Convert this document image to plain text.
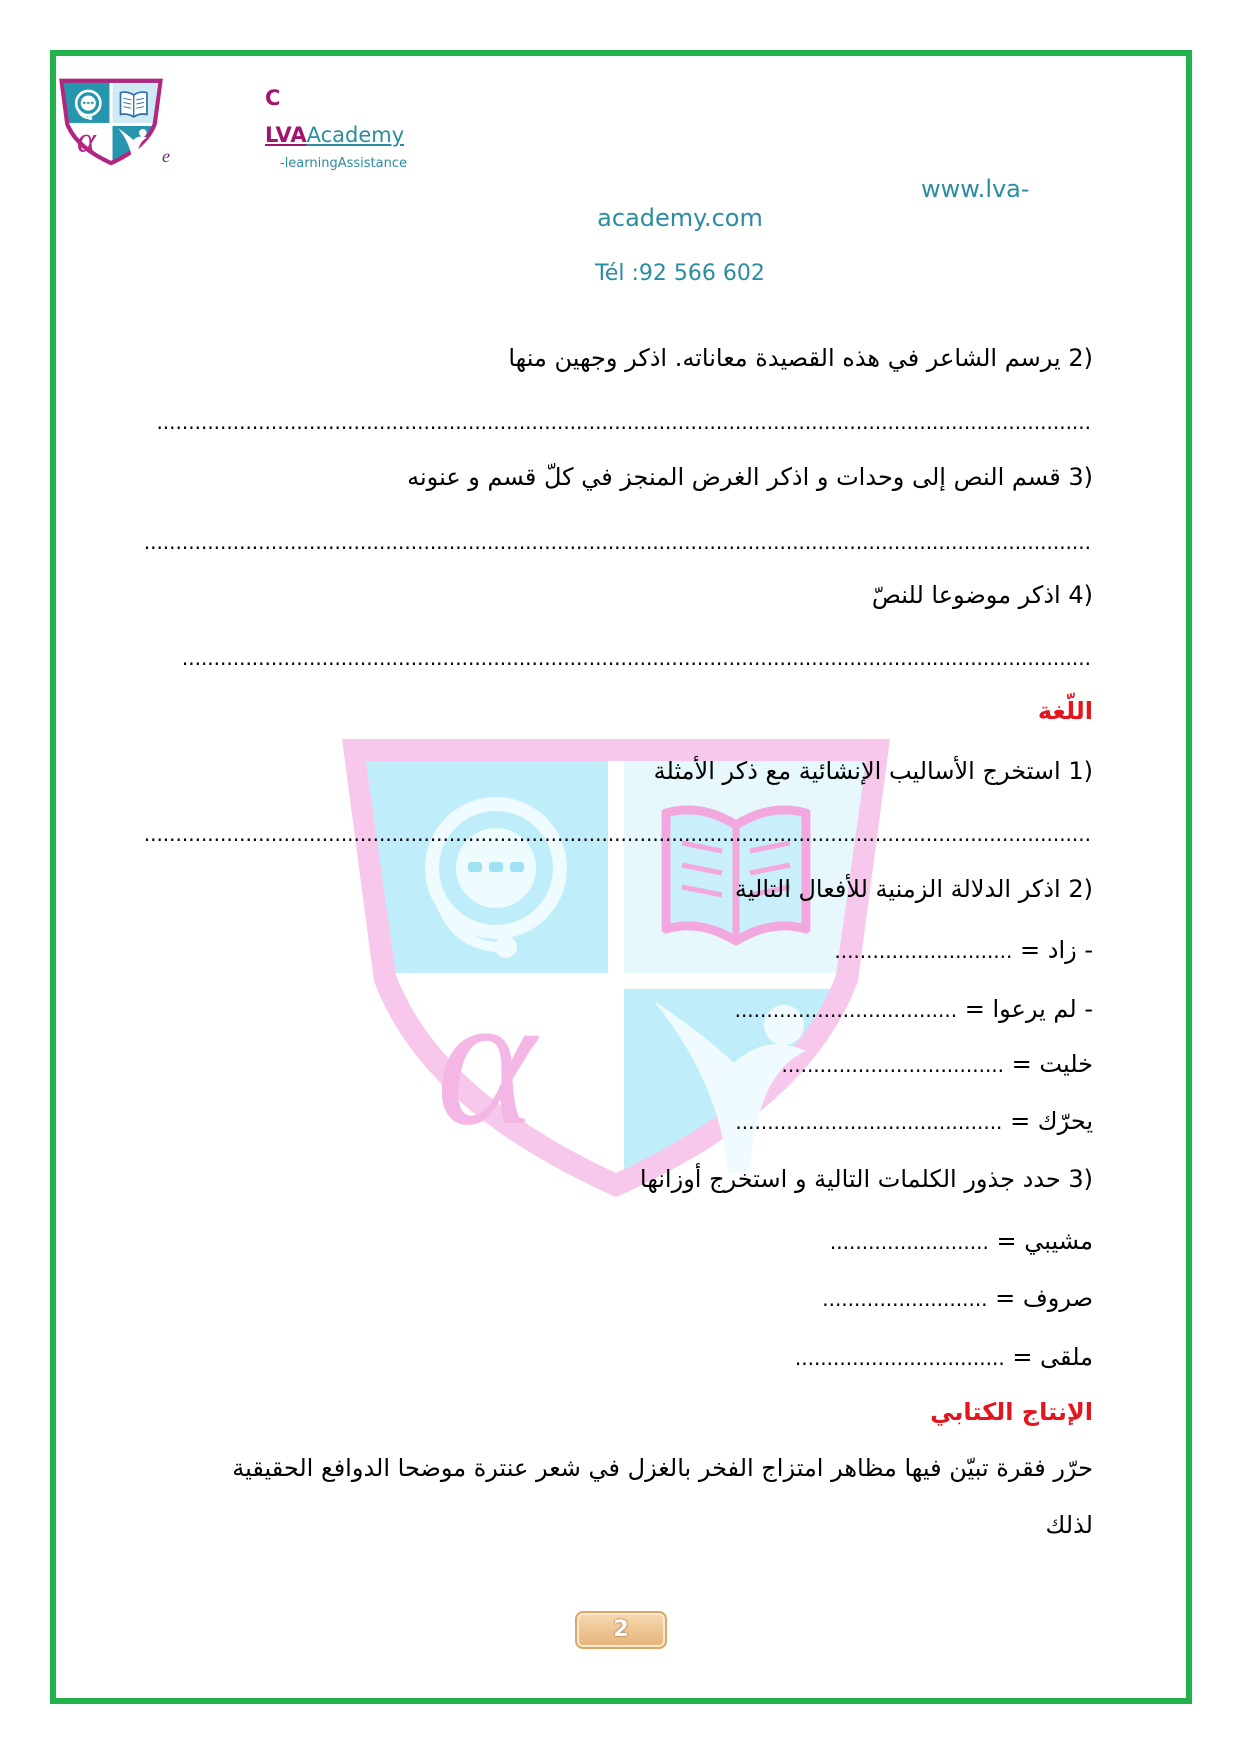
e
C
LVAAcademy
-learningAssistance
www.lva-
academy.com
Tél :92 566 602
2) يرسم الشاعر في هذه القصيدة معاناته. اذكر وجهين منها
...................................................................................................................................................
3) قسم النص إلى وحدات و اذكر الغرض المنجز في كلّ قسم و عنونه
.....................................................................................................................................................
4) اذكر موضوعا للنصّ
...............................................................................................................................................
اللّغة
1) استخرج الأساليب الإنشائية مع ذكر الأمثلة
.....................................................................................................................................................
2) اذكر الدلالة الزمنية للأفعال التالية
- زاد = ............................
- لم يرعوا = ...................................
خليت = ...................................
يحرّك = ..........................................
3) حدد جذور الكلمات التالية و استخرج أوزانها
مشيبي = .........................
صروف = ..........................
ملقى = .................................
الإنتاج الكتابي
حرّر فقرة تبيّن فيها مظاهر امتزاج الفخر بالغزل في شعر عنترة موضحا الدوافع الحقيقية
لذلك
2
